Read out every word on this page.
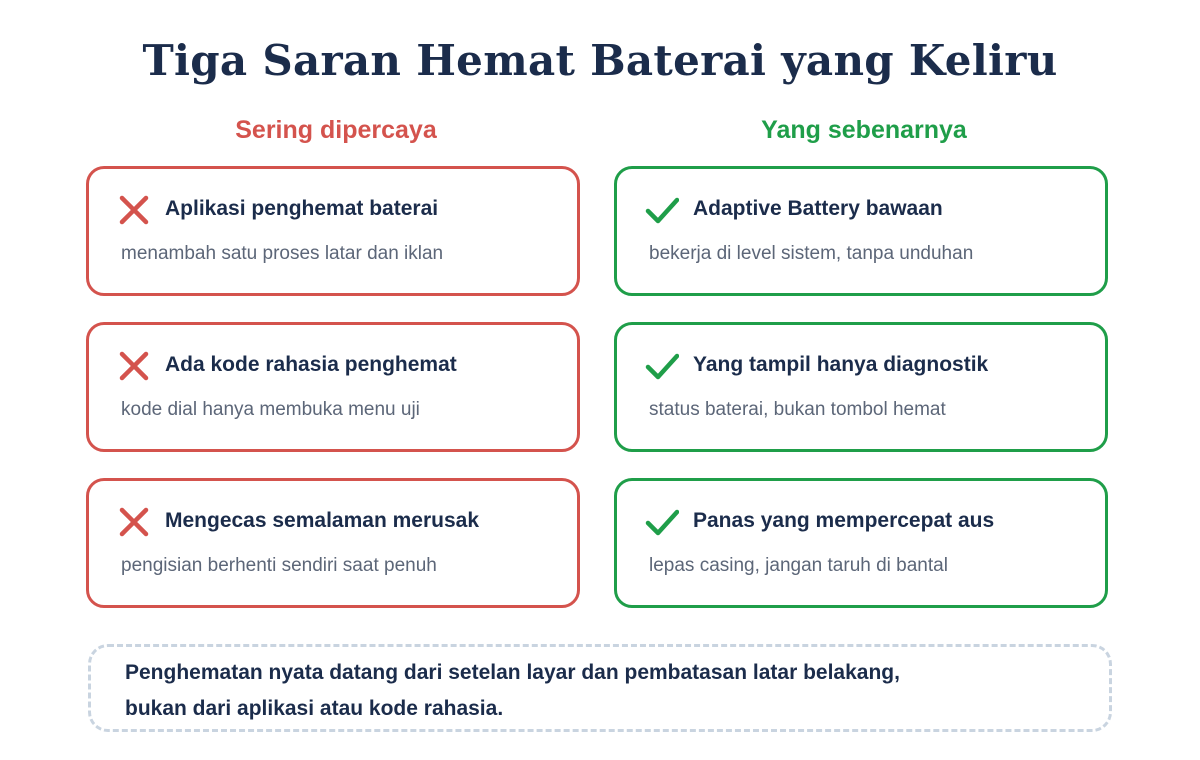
Tiga Saran Hemat Baterai yang Keliru
Sering dipercaya	Yang sebenarnya
Aplikasi penghemat baterai
menambah satu proses latar dan iklan
Ada kode rahasia penghemat
kode dial hanya membuka menu uji
Mengecas semalaman merusak
pengisian berhenti sendiri saat penuh
Adaptive Battery bawaan
bekerja di level sistem, tanpa unduhan
Yang tampil hanya diagnostik
status baterai, bukan tombol hemat
Panas yang mempercepat aus
lepas casing, jangan taruh di bantal
Penghematan nyata datang dari setelan layar dan pembatasan latar belakang,
bukan dari aplikasi atau kode rahasia.
